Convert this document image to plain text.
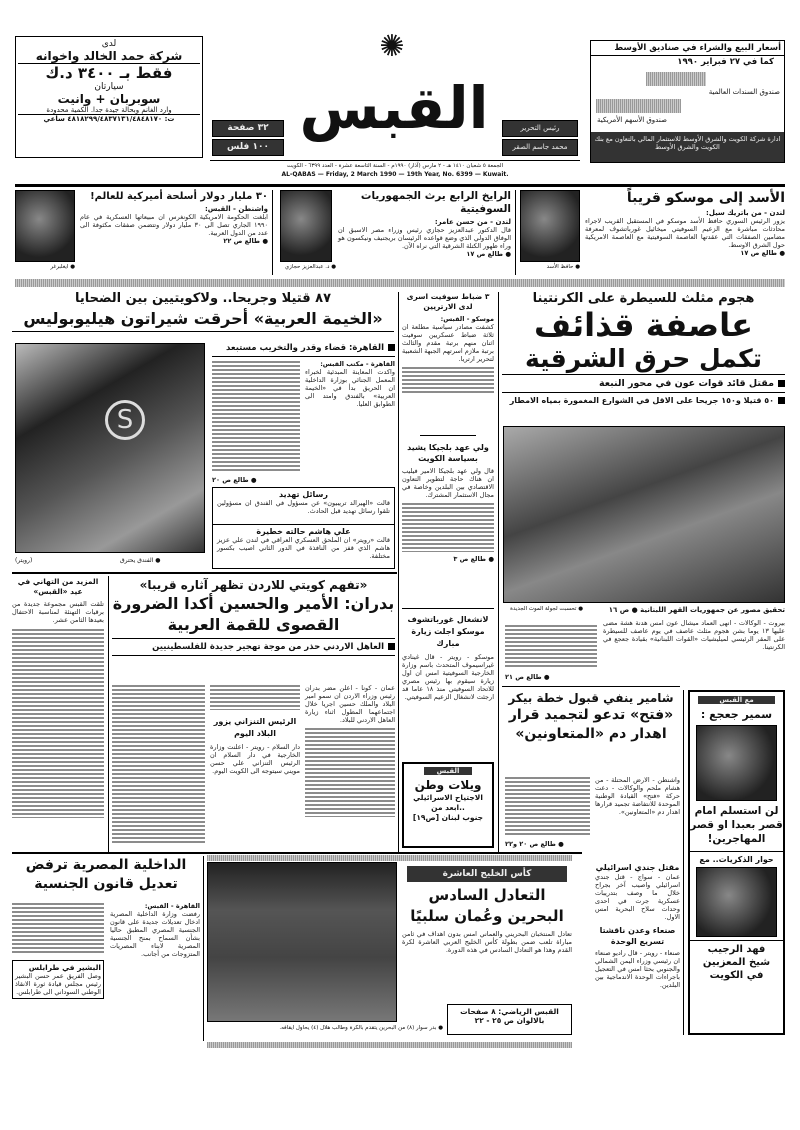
لدى
شركة حمد الخالد واخوانه
فقط بـ ٣٤٠٠ د.ك
سيارتان
سوبربان + وانيت
وارد الغانم وبحالة جيدة جدا. الكمية محدودة
ت: ٤٨١٨٢٩٩/٤٨٣٧١٣١/٤٨٤٨١٧٠ ساعي
٣٢ صفحة
١٠٠ فلس
✺
القبس	رئيس التحرير
محمد جاسم الصقر
الجمعة ٥ شعبان ١٤١٠ هـ - ٢ مارس (آذار) ١٩٩٠م - السنة التاسعة عشرة - العدد ٦٣٩٩ - الكويت
AL-QABAS — Friday, 2 March 1990 — 19th Year, No. 6399 — Kuwait.
أسعار البيع والشراء في صناديق الأوسط
كما في ٢٧ فبراير ١٩٩٠
صندوق السندات العالمية
صندوق الأسهم الأمريكية
ادارة شركة الكويت والشرق الأوسط للاستثمار المالي بالتعاون مع بنك الكويت والشرق الأوسط
● حافظ الأسد
الأسد إلى موسكو قريباً
لندن - من باتريك سيل:
يزور الرئيس السوري حافظ الأسد موسكو في المستقبل القريب لاجراء محادثات مباشرة مع الزعيم السوفيتي ميخائيل غورباتشوف لمعرفة مضامين الصفقات التي عقدتها العاصمة السوفيتية مع العاصمة الامريكية حول الشرق الاوسط.
● طالع ص ١٧
● د. عبدالعزيز حجازي
الرايخ الرابع يرث الجمهوريات السوفيتية
لندن - من حسن عامر:
قال الدكتور عبدالعزيز حجازي رئيس وزراء مصر الاسبق ان الوفاق الدولي الذي وضع قواعده الرئيسان بريجنيف ونيكسون هو وراء ظهور الكتلة الشرقية التي نراه الآن.
● طالع ص ١٧
● ايغلبرغر
٣٠ مليار دولار أسلحة أميركية للعالم!
واشنطن - القبس:
ابلغت الحكومة الامريكية الكونغرس ان مبيعاتها العسكرية في عام ١٩٩٠ الجاري تصل الى ٣٠ مليار دولار وتتضمن صفقات مكثوفة الى عدد من الدول العربية.
● طالع ص ٢٢
هجوم مثلث للسيطرة على الكرنتينا
عاصفة قذائف
تكمل حرق الشرقية
مقتل قائد قوات عون في محور النبعة
٥٠ قتيلا و١٥٠ جريحا على الاقل في الشوارع المغمورة بمياه الامطار
تحقيق مصور عن جمهوريات القهر اللبنانية ● ص ١٦
● تحسبت لجولة الموت الجديدة
بيروت - الوكالات - انهى العماد ميشال عون امس هدنة هشة مضى عليها ١٣ يوما بشن هجوم مثلث عاصف في يوم عاصف للسيطرة على المقر الرئيسي لميليشيات «القوات اللبنانية» بقيادة جعجع في الكرنتينا.
● طالع ص ٢١
٣ ضباط سوفيت اسرى لدى الارتريين
موسكو - القبس:
كشفت مصادر سياسية مطلعة ان ثلاثة ضباط عسكريين سوفيت اثنان منهم برتبة مقدم والثالث برتبة ملازم اسرتهم الجبهة الشعبية لتحرير ارتريا.
ولي عهد بلجيكا يشيد بسياسة الكويت
قال ولي عهد بلجيكا الامير فيليب ان هناك حاجة لتطوير التعاون الاقتصادي بين البلدين وخاصة في مجال الاستثمار المشترك.
● طالع ص ٣
لانشغال غورباتشوف موسكو اجلت زيارة مبارك
موسكو - رويتر - قال غينادي غيراسيموف المتحدث باسم وزارة الخارجية السوفيتية امس ان اول زيارة سيقوم بها رئيس مصري للاتحاد السوفيتي منذ ١٨ عاما قد ارجئت لانشغال الزعيم السوفيتي.
٨٧ قتيلا وجريحا.. ولاكويتيين بين الضحايا
«الخيمة العربية» أحرقت شيراتون هيليوبوليس
S
● الفندق يحترق
(رويتر)
القاهرة: قضاء وقدر والتخريب مستبعد
القاهرة - مكتب القبس:
واكدت المعاينة المبدئية لخبراء المعمل الجنائي بوزارة الداخلية ان الحريق بدأ في «الخيمة العربية» بالفندق وامتد الى الطوابق العليا.
● طالع ص ٢٠
رسائل تهديد
قالت «الهيرالد تريبيون» عن مسؤول في الفندق ان مسؤولين تلقوا رسائل تهديد قبل الحادث.
علي هاشم حالته خطيرة
قالت «رويتر» ان الملحق العسكري العراقي في لندن علي عزيز هاشم الذي قفز من النافذة في الدور الثاني اصيب بكسور مختلفة.
المزيد من التهاني في عيد «القبس»
تلقت القبس مجموعة جديدة من برقيات التهنئة لمناسبة الاحتفال بعيدها الثامن عشر.
«تفهم كويتي للاردن تظهر آثاره قريبا»
بدران: الأمير والحسين أكدا الضرورة القصوى للقمة العربية
العاهل الاردني حذر من موجة تهجير جديدة للفلسطينيين
عمان - كونا - اعلن مضر بدران رئيس وزراء الاردن ان سمو امير البلاد والملك حسين اجريا خلال اجتماعهما المطول اثناء زيارة العاهل الاردني للبلاد.
الرئيس التنزاني يزور البلاد اليوم
دار السلام - رويتر - اعلنت وزارة الخارجية في دار السلام ان الرئيس التنزاني علي حسن مويني سيتوجه الى الكويت اليوم.	القبس
ويلات وطن
الاجتياح الاسرائيلي
..ابعد من
جنوب لبنان [ص١٩]
شامير ينفي قبول خطة بيكر
«فتح» تدعو لتجميد قرار اهدار دم «المتعاونين»
واشنطن - الارض المحتلة - من هشام ملحم والوكالات - دعت حركة «فتح» القيادة الوطنية الموحدة للانتفاضة تجميد قرارها اهدار دم «المتعاونين».
● طالع ص ٢٠ و٢٢
مقتل جندي اسرائيلي
عمان - سواج - قتل جندي اسرائيلي واصيب آخر بجراح خلال ما وصف بتدريبات عسكرية جرت في احدى وحدات سلاح البحرية امس الاول.
صنعاء وعدن ناقشتا تسريع الوحدة
صنعاء - رويتر - قال راديو صنعاء ان رئيسي وزراء اليمن الشمالي والجنوبي بحثا امس في التعجيل باجراءات الوحدة الاندماجية بين البلدين.
مع القبس
سمير جعجع :
لن استسلم امام قصر بعبدا او قصر المهاجرين!
حوار الذكريات.. مع
فهد الرجيب
شيخ المعزبين
في الكويت
الداخلية المصرية ترفض تعديل قانون الجنسية
القاهرة - القبس:
رفضت وزارة الداخلية المصرية ادخال تعديلات جديدة على قانون الجنسية المصري المطبق حاليا بشأن السماح بمنح الجنسية المصرية لابناء المصريات المتزوجات من أجانب.
البشير في طرابلس
وصل الفريق عمر حسن البشير رئيس مجلس قيادة ثورة الانقاذ الوطني السوداني الى طرابلس.
● بدر سوار (٨) من البحرين يتقدم بالكرة وطالب هلال (٤) يحاول ايقافه.
كأس الخليج العاشرة
التعادل السادس
البحرين وعُمان سلبيًا
تعادل المنتخبان البحريني والعماني امس بدون اهداف في ثامن مباراة تلعب ضمن بطولة كأس الخليج العربي العاشرة لكرة القدم وهذا هو التعادل السادس في هذه الدورة.
القبس الرياضي: ٨ صفحات
بالالوان ص ٢٥ - ٢٢
